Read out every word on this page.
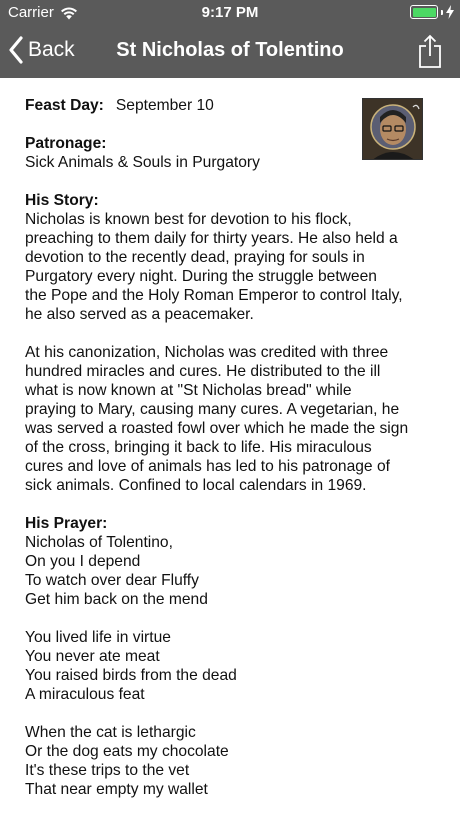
Carrier	9:17 PM
Back	St Nicholas of Tolentino
Feast Day: September 10
Patronage:
Sick Animals & Souls in Purgatory
His Story:
Nicholas is known best for devotion to his flock,
preaching to them daily for thirty years. He also held a
devotion to the recently dead, praying for souls in
Purgatory every night. During the struggle between
the Pope and the Holy Roman Emperor to control Italy,
he also served as a peacemaker.
At his canonization, Nicholas was credited with three
hundred miracles and cures. He distributed to the ill
what is now known at "St Nicholas bread" while
praying to Mary, causing many cures. A vegetarian, he
was served a roasted fowl over which he made the sign
of the cross, bringing it back to life. His miraculous
cures and love of animals has led to his patronage of
sick animals. Confined to local calendars in 1969.
His Prayer:
Nicholas of Tolentino,
On you I depend
To watch over dear Fluffy
Get him back on the mend
You lived life in virtue
You never ate meat
You raised birds from the dead
A miraculous feat
When the cat is lethargic
Or the dog eats my chocolate
It's these trips to the vet
That near empty my wallet
